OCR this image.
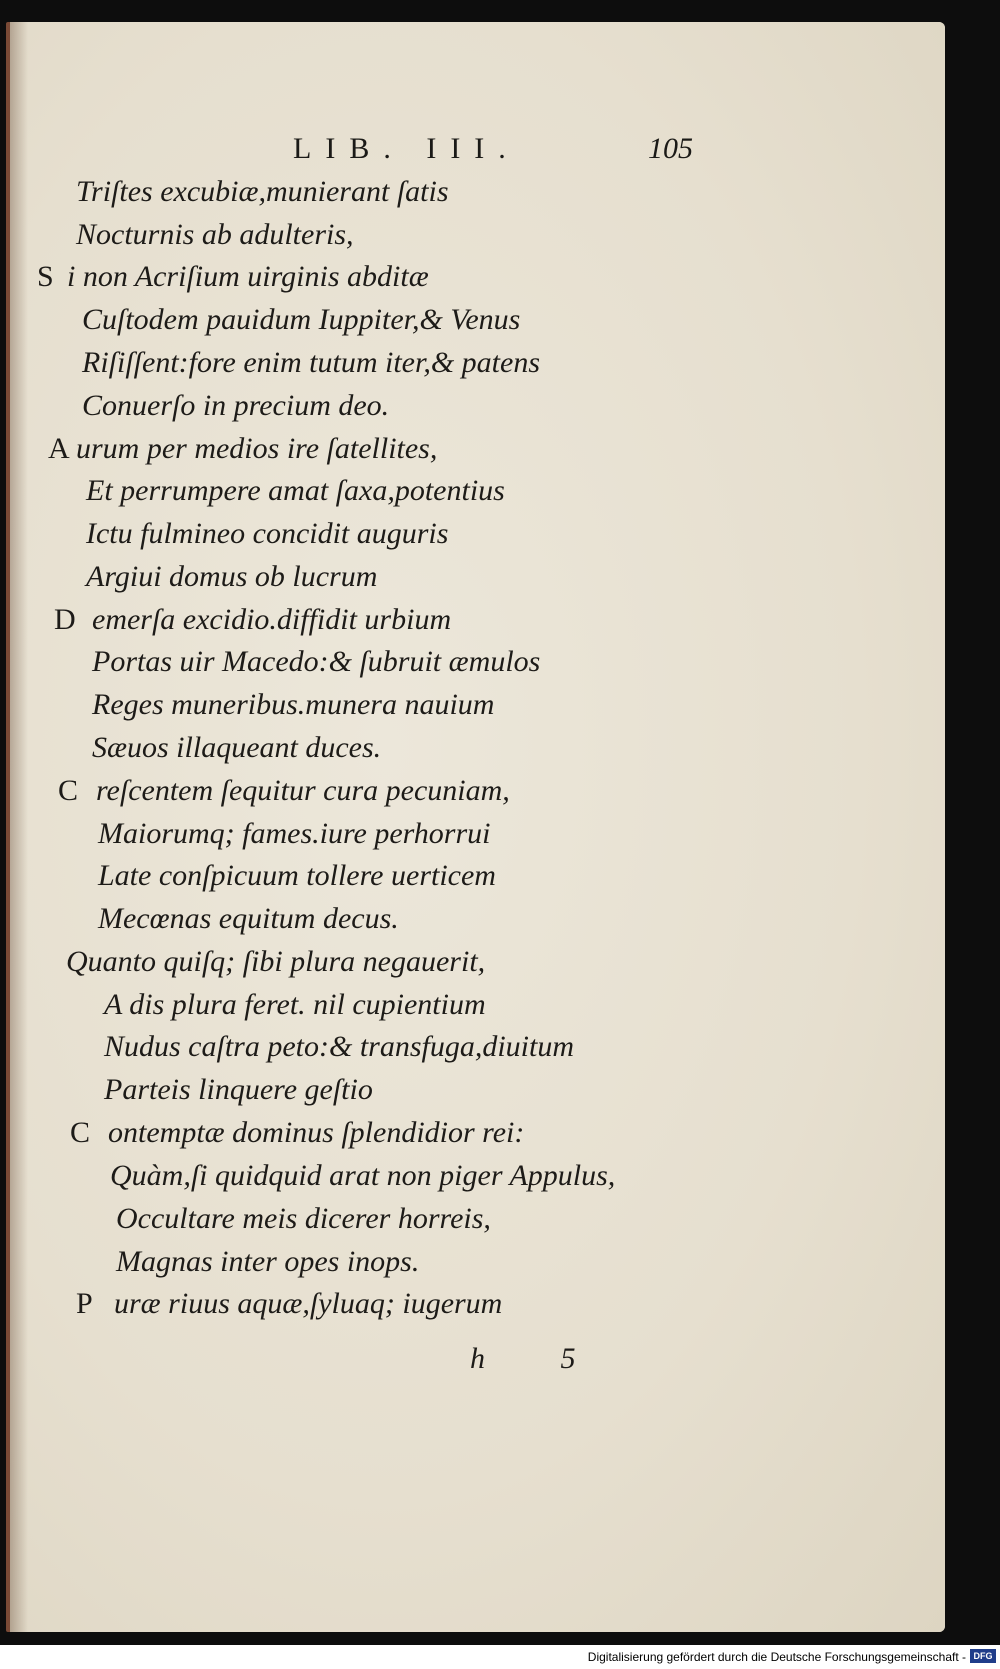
LIB. III.	105
Triſtes excubiæ,munierant ſatis
Nocturnis ab adulteris,
S i non Acriſium uirginis abditæ
Cuſtodem pauidum Iuppiter,& Venus
Riſiſſent:fore enim tutum iter,& patens
Conuerſo in precium deo.
A urum per medios ire ſatellites,
Et perrumpere amat ſaxa,potentius
Ictu fulmineo concidit auguris
Argiui domus ob lucrum
D emerſa excidio.diffidit urbium
Portas uir Macedo:& ſubruit æmulos
Reges muneribus.munera nauium
Sæuos illaqueant duces.
C reſcentem ſequitur cura pecuniam,
Maiorumq; fames.iure perhorrui
Late conſpicuum tollere uerticem
Mecœnas equitum decus.
Quanto quiſq; ſibi plura negauerit,
A dis plura feret. nil cupientium
Nudus caſtra peto:& transfuga,diuitum
Parteis linquere geſtio
C ontemptæ dominus ſplendidior rei:
Quàm,ſi quidquid arat non piger Appulus,
Occultare meis dicerer horreis,
Magnas inter opes inops.
P uræ riuus aquæ,ſyluaq; iugerum
h 5
Digitalisierung gefördert durch die Deutsche Forschungsgemeinschaft - DFG
